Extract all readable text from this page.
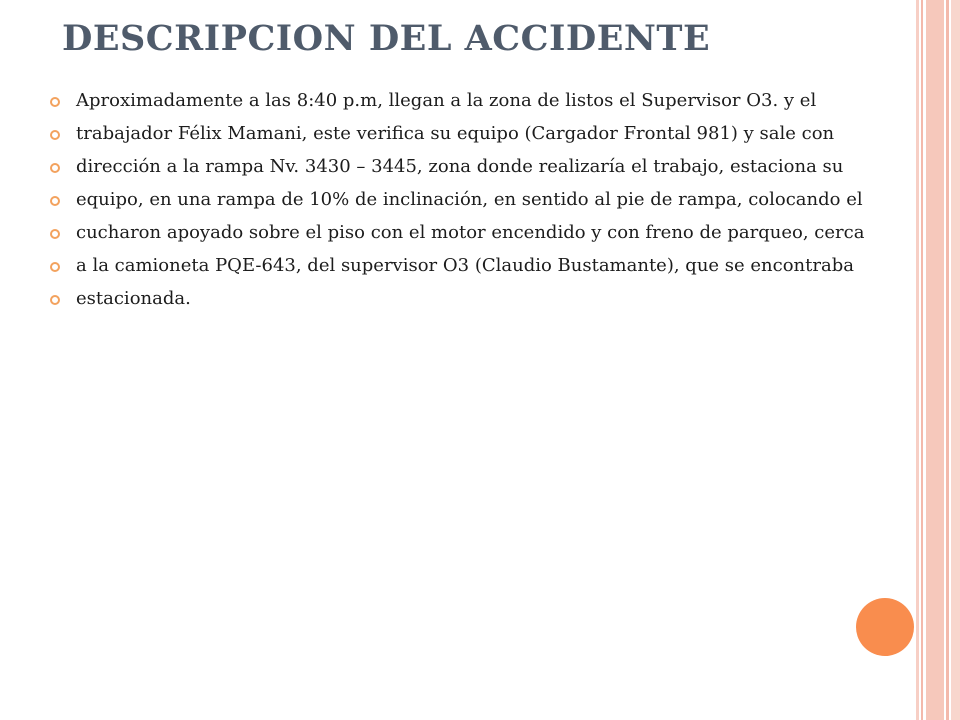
DESCRIPCION DEL ACCIDENTE
Aproximadamente a las 8:40 p.m, llegan a la zona de listos el Supervisor O3. y el
trabajador Félix Mamani, este verifica su equipo (Cargador Frontal 981) y sale con
dirección a la rampa Nv. 3430 – 3445, zona donde realizaría el trabajo, estaciona su
equipo, en una rampa de 10% de inclinación, en sentido al pie de rampa, colocando el
cucharon apoyado sobre el piso con el motor encendido y con freno de parqueo, cerca
a la camioneta PQE-643, del supervisor O3 (Claudio Bustamante), que se encontraba
estacionada.
